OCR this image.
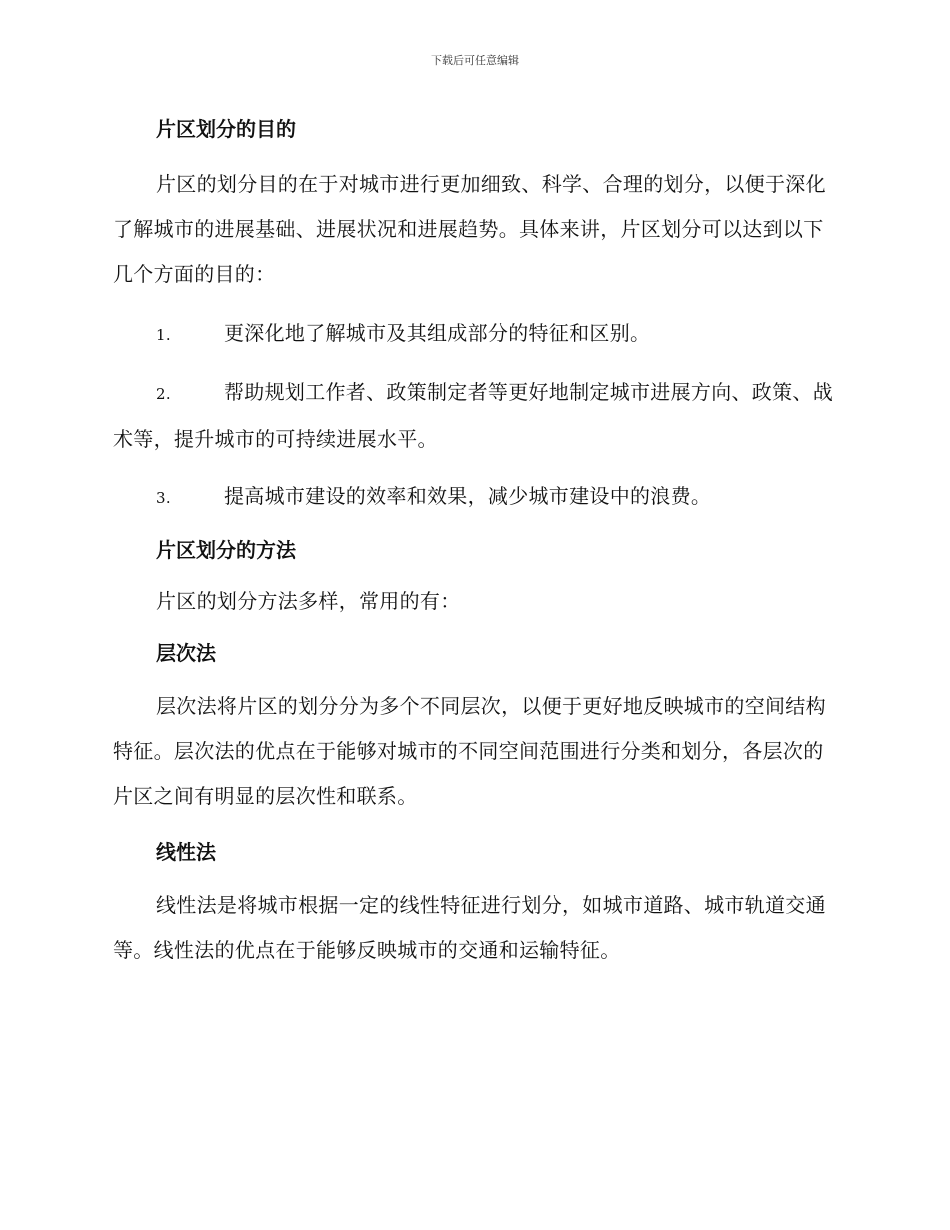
下载后可任意编辑
片区划分的目的

片区的划分目的在于对城市进行更加细致、科学、合理的划分，以便于深化了解城市的进展基础、进展状况和进展趋势。具体来讲，片区划分可以达到以下几个方面的目的：

1.	更深化地了解城市及其组成部分的特征和区别。

2.	帮助规划工作者、政策制定者等更好地制定城市进展方向、政策、战术等，提升城市的可持续进展水平。

3.	提高城市建设的效率和效果，减少城市建设中的浪费。

片区划分的方法

片区的划分方法多样，常用的有：

层次法

层次法将片区的划分分为多个不同层次，以便于更好地反映城市的空间结构特征。层次法的优点在于能够对城市的不同空间范围进行分类和划分，各层次的片区之间有明显的层次性和联系。

线性法

线性法是将城市根据一定的线性特征进行划分，如城市道路、城市轨道交通等。线性法的优点在于能够反映城市的交通和运输特征。
